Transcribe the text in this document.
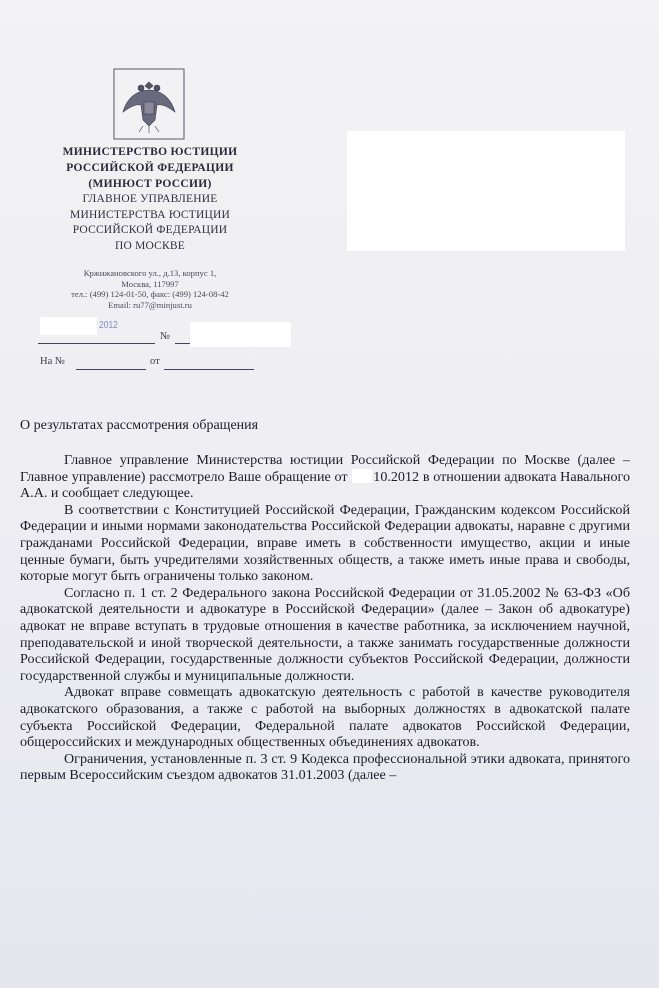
МИНИСТЕРСТВО ЮСТИЦИИ
РОССИЙСКОЙ ФЕДЕРАЦИИ
(МИНЮСТ РОССИИ)
ГЛАВНОЕ УПРАВЛЕНИЕ
МИНИСТЕРСТВА ЮСТИЦИИ
РОССИЙСКОЙ ФЕДЕРАЦИИ
ПО МОСКВЕ
Кржижановского ул., д.13, корпус 1,
Москва, 117997
тел.: (499) 124-01-50, факс: (499) 124-08-42
Email: ru77@minjust.ru
2012
№
На №	от
О результатах рассмотрения обращения

Главное управление Министерства юстиции Российской Федерации по Москве (далее – Главное управление) рассмотрело Ваше обращение от 10.2012 в отношении адвоката Навального А.А. и сообщает следующее.

В соответствии с Конституцией Российской Федерации, Гражданским кодексом Российской Федерации и иными нормами законодательства Российской Федерации адвокаты, наравне с другими гражданами Российской Федерации, вправе иметь в собственности имущество, акции и иные ценные бумаги, быть учредителями хозяйственных обществ, а также иметь иные права и свободы, которые могут быть ограничены только законом.

Согласно п. 1 ст. 2 Федерального закона Российской Федерации от 31.05.2002 № 63-ФЗ «Об адвокатской деятельности и адвокатуре в Российской Федерации» (далее – Закон об адвокатуре) адвокат не вправе вступать в трудовые отношения в качестве работника, за исключением научной, преподавательской и иной творческой деятельности, а также занимать государственные должности Российской Федерации, государственные должности субъектов Российской Федерации, должности государственной службы и муниципальные должности.

Адвокат вправе совмещать адвокатскую деятельность с работой в качестве руководителя адвокатского образования, а также с работой на выборных должностях в адвокатской палате субъекта Российской Федерации, Федеральной палате адвокатов Российской Федерации, общероссийских и международных общественных объединениях адвокатов.

Ограничения, установленные п. 3 ст. 9 Кодекса профессиональной этики адвоката, принятого первым Всероссийским съездом адвокатов 31.01.2003 (далее –
